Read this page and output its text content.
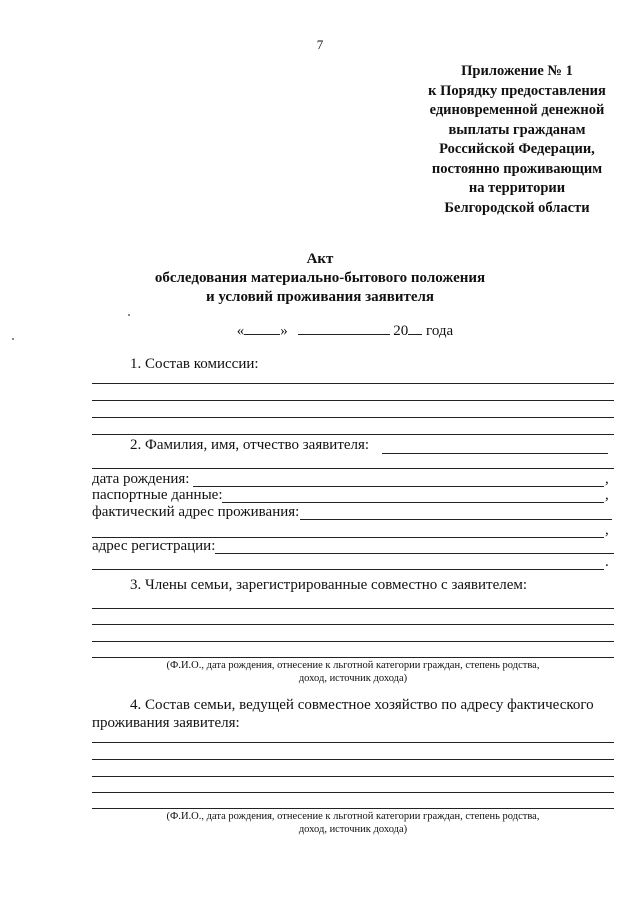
7
Приложение № 1
к Порядку предоставления
единовременной денежной
выплаты гражданам
Российской Федерации,
постоянно проживающим
на территории
Белгородской области
Акт
обследования материально-бытового положения
и условий проживания заявителя
« »	20 года
1. Состав комиссии:
2. Фамилия, имя, отчество заявителя:
дата рождения:	,
паспортные данные:	,
фактический адрес проживания:
,
адрес регистрации:
.
3. Члены семьи, зарегистрированные совместно с заявителем:
(Ф.И.О., дата рождения, отнесение к льготной категории граждан, степень родства,
доход, источник дохода)
4. Состав семьи, ведущей совместное хозяйство по адресу фактического
проживания заявителя:
(Ф.И.О., дата рождения, отнесение к льготной категории граждан, степень родства,
доход, источник дохода)
